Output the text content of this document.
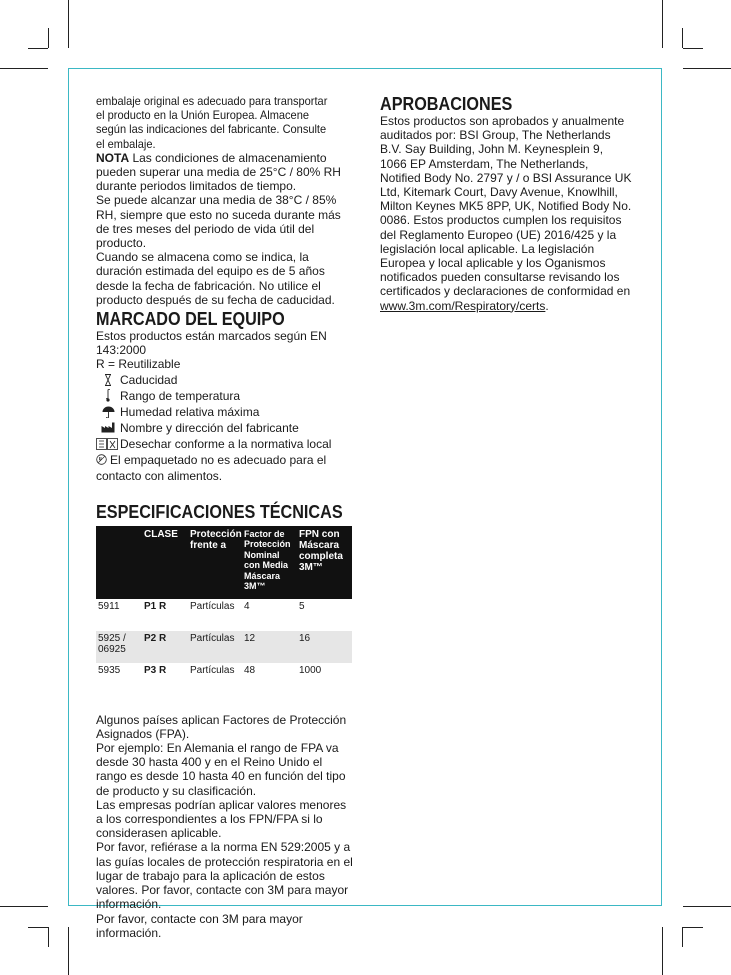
embalaje original es adecuado para transportar el producto en la Unión Europea. Almacene según las indicaciones del fabricante. Consulte el embalaje.

NOTA Las condiciones de almacenamiento pueden superar una media de 25°C / 80% RH durante periodos limitados de tiempo.

Se puede alcanzar una media de 38°C / 85% RH, siempre que esto no suceda durante más de tres meses del periodo de vida útil del producto.

Cuando se almacena como se indica, la duración estimada del equipo es de 5 años desde la fecha de fabricación. No utilice el producto después de su fecha de caducidad.

MARCADO DEL EQUIPO

Estos productos están marcados según EN 143:2000

R = Reutilizable

Caducidad
Rango de temperatura
Humedad relativa máxima
Nombre y dirección del fabricante
Desechar conforme a la normativa local
El empaquetado no es adecuado para el contacto con alimentos.
ESPECIFICACIONES TÉCNICAS
	CLASE	Protección frente a	Factor de Protección Nominal con Media Máscara 3M™	FPN con Máscara completa 3M™
5911	P1 R	Partículas	4	5
5925 / 06925	P2 R	Partículas	12	16
5935	P3 R	Partículas	48	1000

Algunos países aplican Factores de Protección Asignados (FPA).

Por ejemplo: En Alemania el rango de FPA va desde 30 hasta 400 y en el Reino Unido el rango es desde 10 hasta 40 en función del tipo de producto y su clasificación.

Las empresas podrían aplicar valores menores a los correspondientes a los FPN/FPA si lo considerasen aplicable.

Por favor, refiérase a la norma EN 529:2005 y a las guías locales de protección respiratoria en el lugar de trabajo para la aplicación de estos valores. Por favor, contacte con 3M para mayor información.

Por favor, contacte con 3M para mayor información.

APROBACIONES

Estos productos son aprobados y anualmente auditados por: BSI Group, The Netherlands B.V. Say Building, John M. Keynesplein 9, 1066 EP Amsterdam, The Netherlands, Notified Body No. 2797 y / o BSI Assurance UK Ltd, Kitemark Court, Davy Avenue, Knowlhill, Milton Keynes MK5 8PP, UK, Notified Body No. 0086. Estos productos cumplen los requisitos del Reglamento Europeo (UE) 2016/425 y la legislación local aplicable. La legislación Europea y local aplicable y los Oganismos notificados pueden consultarse revisando los certificados y declaraciones de conformidad en www.3m.com/Respiratory/certs.
